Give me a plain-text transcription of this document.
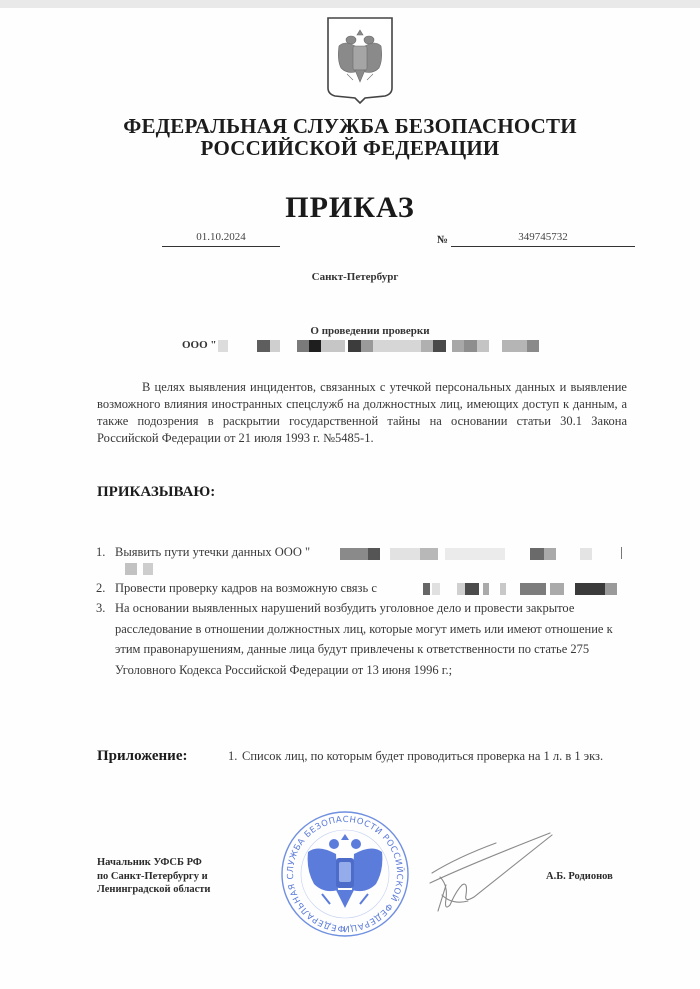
ФЕДЕРАЛЬНАЯ СЛУЖБА БЕЗОПАСНОСТИ
РОССИЙСКОЙ ФЕДЕРАЦИИ
ПРИКАЗ
01.10.2024	№	349745732
Санкт-Петербург
О проведении проверки
ООО "
В целях выявления инцидентов, связанных с утечкой персональных данных и выявление возможного влияния иностранных спецслужб на должностных лиц, имеющих доступ к данным, а также подозрения в раскрытии государственной тайны на основании статьи 30.1 Закона Российской Федерации от 21 июля 1993 г. №5485-1.
ПРИКАЗЫВАЮ:
1. Выявить пути утечки данных ООО "
2. Провести проверку кадров на возможную связь с
3. На основании выявленных нарушений возбудить уголовное дело и провести закрытое расследование в отношении должностных лиц, которые могут иметь или имеют отношение к этим правонарушениям, данные лица будут привлечены к ответственности по статье 275 Уголовного Кодекса Российской Федерации от 13 июня 1996 г.;
Приложение:	1. Список лиц, по которым будет проводиться проверка на 1 л. в 1 экз.
Начальник УФСБ РФ
по Санкт-Петербургу и
Ленинградской области
ФЕДЕРАЛЬНАЯ СЛУЖБА БЕЗОПАСНОСТИ РОССИЙСКОЙ ФЕДЕРАЦИ
А.Б. Родионов
